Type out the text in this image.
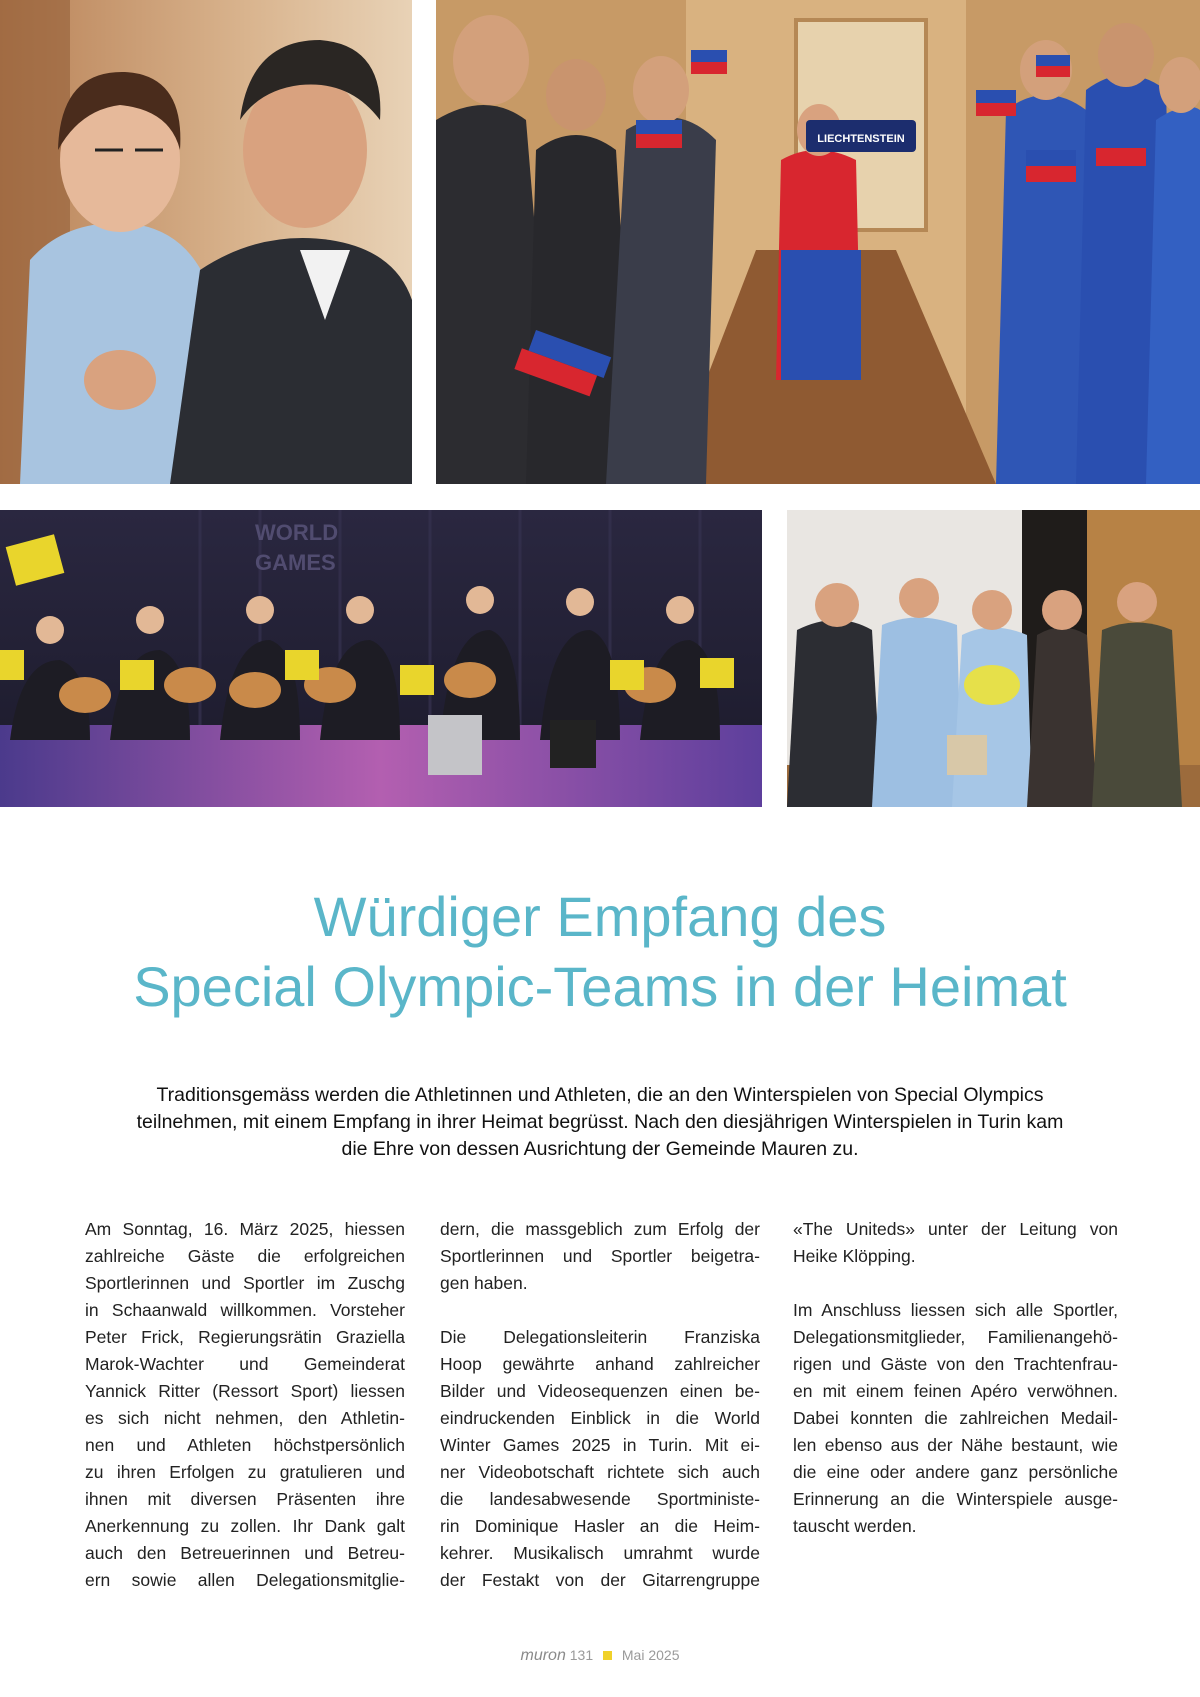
LIECHTENSTEIN
WORLD
GAMES
Würdiger Empfang des
Special Olympic-Teams in der Heimat
Traditionsgemäss werden die Athletinnen und Athleten, die an den Winterspielen von Special Olympics
teilnehmen, mit einem Empfang in ihrer Heimat begrüsst. Nach den diesjährigen Winterspielen in Turin kam
die Ehre von dessen Ausrichtung der Gemeinde Mauren zu.
Am Sonntag, 16. März 2025, hiessen
zahlreiche Gäste die erfolgreichen
Sportlerinnen und Sportler im Zuschg
in Schaanwald willkommen. Vorsteher
Peter Frick, Regierungsrätin Graziella
Marok-Wachter und Gemeinderat
Yannick Ritter (Ressort Sport) liessen
es sich nicht nehmen, den Athletin-
nen und Athleten höchstpersönlich
zu ihren Erfolgen zu gratulieren und
ihnen mit diversen Präsenten ihre
Anerkennung zu zollen. Ihr Dank galt
auch den Betreuerinnen und Betreu-
ern sowie allen Delegationsmitglie-
dern, die massgeblich zum Erfolg der
Sportlerinnen und Sportler beigetra-
gen haben.
Die Delegationsleiterin Franziska
Hoop gewährte anhand zahlreicher
Bilder und Videosequenzen einen be-
eindruckenden Einblick in die World
Winter Games 2025 in Turin. Mit ei-
ner Videobotschaft richtete sich auch
die landesabwesende Sportministe-
rin Dominique Hasler an die Heim-
kehrer. Musikalisch umrahmt wurde
der Festakt von der Gitarrengruppe
«The Uniteds» unter der Leitung von
Heike Klöpping.
Im Anschluss liessen sich alle Sportler,
Delegationsmitglieder, Familienangehö-
rigen und Gäste von den Trachtenfrau-
en mit einem feinen Apéro verwöhnen.
Dabei konnten die zahlreichen Medail-
len ebenso aus der Nähe bestaunt, wie
die eine oder andere ganz persönliche
Erinnerung an die Winterspiele ausge-
tauscht werden.
muron 131 Mai 2025
